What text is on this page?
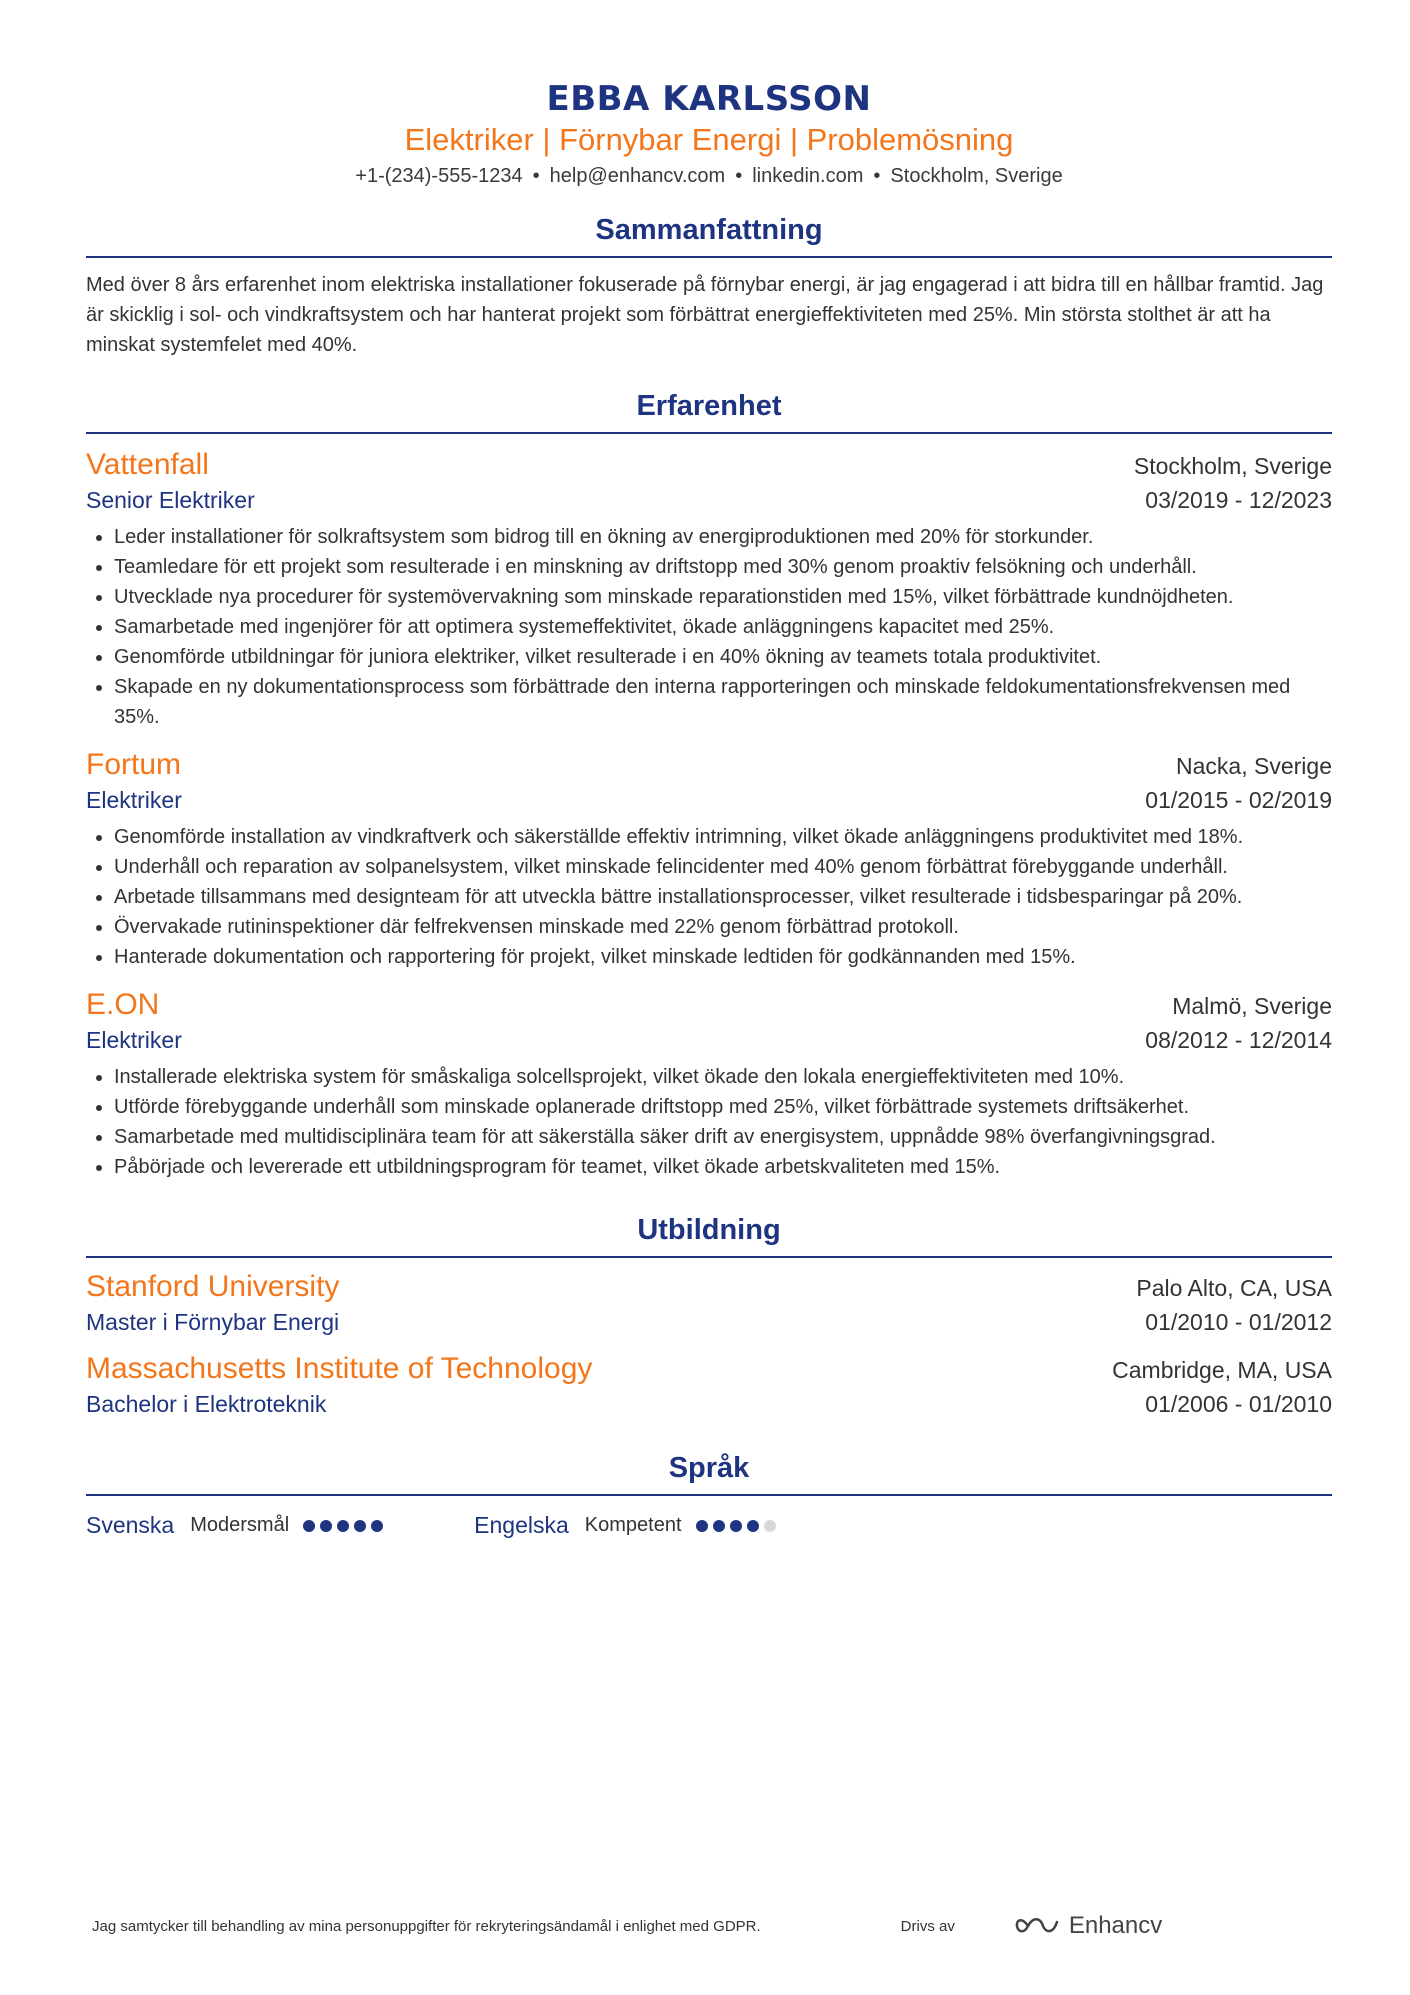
EBBA KARLSSON
Elektriker | Förnybar Energi | Problemösning
+1-(234)-555-1234 • help@enhancv.com • linkedin.com • Stockholm, Sverige
Sammanfattning
Med över 8 års erfarenhet inom elektriska installationer fokuserade på förnybar energi, är jag engagerad i att bidra till en hållbar framtid. Jag är skicklig i sol- och vindkraftsystem och har hanterat projekt som förbättrat energieffektiviteten med 25%. Min största stolthet är att ha minskat systemfelet med 40%.
Erfarenhet
Vattenfall	Stockholm, Sverige
Senior Elektriker	03/2019 - 12/2023
• Leder installationer för solkraftsystem som bidrog till en ökning av energiproduktionen med 20% för storkunder.
• Teamledare för ett projekt som resulterade i en minskning av driftstopp med 30% genom proaktiv felsökning och underhåll.
• Utvecklade nya procedurer för systemövervakning som minskade reparationstiden med 15%, vilket förbättrade kundnöjdheten.
• Samarbetade med ingenjörer för att optimera systemeffektivitet, ökade anläggningens kapacitet med 25%.
• Genomförde utbildningar för juniora elektriker, vilket resulterade i en 40% ökning av teamets totala produktivitet.
• Skapade en ny dokumentationsprocess som förbättrade den interna rapporteringen och minskade feldokumentationsfrekvensen med 35%.
Fortum	Nacka, Sverige
Elektriker	01/2015 - 02/2019
• Genomförde installation av vindkraftverk och säkerställde effektiv intrimning, vilket ökade anläggningens produktivitet med 18%.
• Underhåll och reparation av solpanelsystem, vilket minskade felincidenter med 40% genom förbättrat förebyggande underhåll.
• Arbetade tillsammans med designteam för att utveckla bättre installationsprocesser, vilket resulterade i tidsbesparingar på 20%.
• Övervakade rutininspektioner där felfrekvensen minskade med 22% genom förbättrad protokoll.
• Hanterade dokumentation och rapportering för projekt, vilket minskade ledtiden för godkännanden med 15%.
E.ON	Malmö, Sverige
Elektriker	08/2012 - 12/2014
• Installerade elektriska system för småskaliga solcellsprojekt, vilket ökade den lokala energieffektiviteten med 10%.
• Utförde förebyggande underhåll som minskade oplanerade driftstopp med 25%, vilket förbättrade systemets driftsäkerhet.
• Samarbetade med multidisciplinära team för att säkerställa säker drift av energisystem, uppnådde 98% överfangivningsgrad.
• Påbörjade och levererade ett utbildningsprogram för teamet, vilket ökade arbetskvaliteten med 15%.
Utbildning
Stanford University	Palo Alto, CA, USA
Master i Förnybar Energi	01/2010 - 01/2012
Massachusetts Institute of Technology	Cambridge, MA, USA
Bachelor i Elektroteknik	01/2006 - 01/2010
Språk
Svenska Modersmål	Engelska Kompetent
Jag samtycker till behandling av mina personuppgifter för rekryteringsändamål i enlighet med GDPR.	Drivs av	Enhancv
